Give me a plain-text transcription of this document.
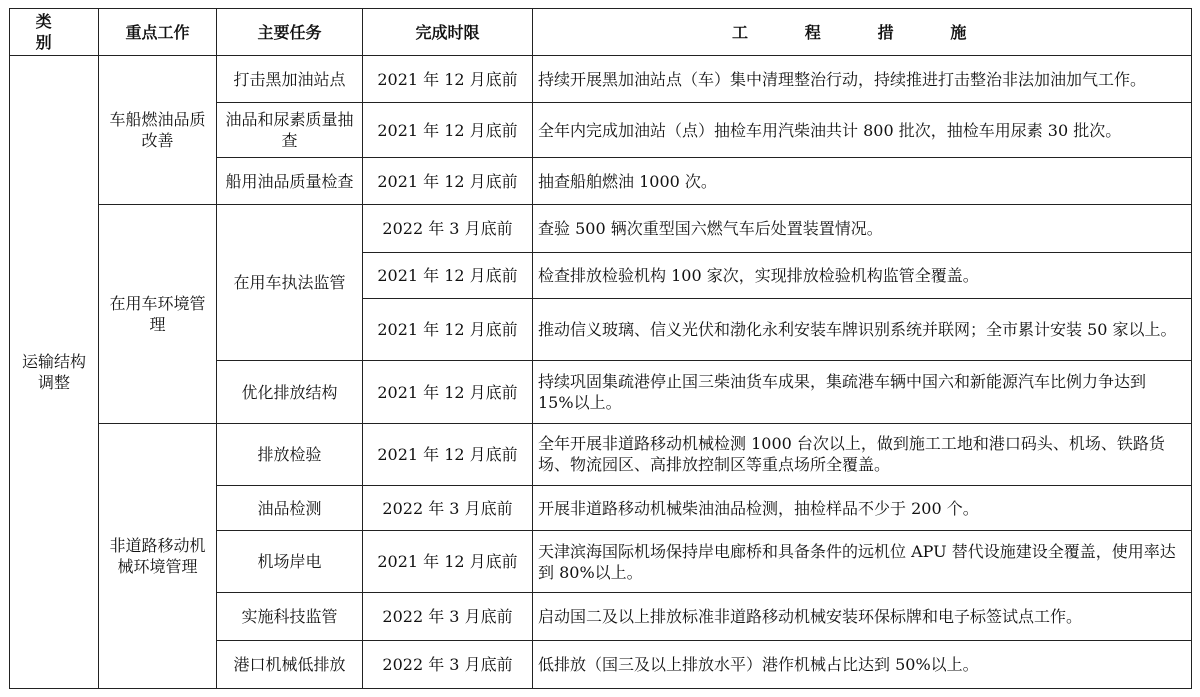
类 别	重点工作	主要任务	完成时限	工 程 措 施
运输结构调整	车船燃油品质改善	打击黑加油站点	2021 年 12 月底前	持续开展黑加油站点（车）集中清理整治行动，持续推进打击整治非法加油加气工作。
		油品和尿素质量抽查	2021 年 12 月底前	全年内完成加油站（点）抽检车用汽柴油共计 800 批次，抽检车用尿素 30 批次。
		船用油品质量检查	2021 年 12 月底前	抽查船舶燃油 1000 次。
	在用车环境管理	在用车执法监管	2022 年 3 月底前	查验 500 辆次重型国六燃气车后处置装置情况。
			2021 年 12 月底前	检查排放检验机构 100 家次，实现排放检验机构监管全覆盖。
			2021 年 12 月底前	推动信义玻璃、信义光伏和渤化永利安装车牌识别系统并联网；全市累计安装 50 家以上。
		优化排放结构	2021 年 12 月底前	持续巩固集疏港停止国三柴油货车成果，集疏港车辆中国六和新能源汽车比例力争达到 15%以上。
	非道路移动机械环境管理	排放检验	2021 年 12 月底前	全年开展非道路移动机械检测 1000 台次以上，做到施工工地和港口码头、机场、铁路货场、物流园区、高排放控制区等重点场所全覆盖。
		油品检测	2022 年 3 月底前	开展非道路移动机械柴油油品检测，抽检样品不少于 200 个。
		机场岸电	2021 年 12 月底前	天津滨海国际机场保持岸电廊桥和具备条件的远机位 APU 替代设施建设全覆盖，使用率达到 80%以上。
		实施科技监管	2022 年 3 月底前	启动国二及以上排放标准非道路移动机械安装环保标牌和电子标签试点工作。
		港口机械低排放	2022 年 3 月底前	低排放（国三及以上排放水平）港作机械占比达到 50%以上。
